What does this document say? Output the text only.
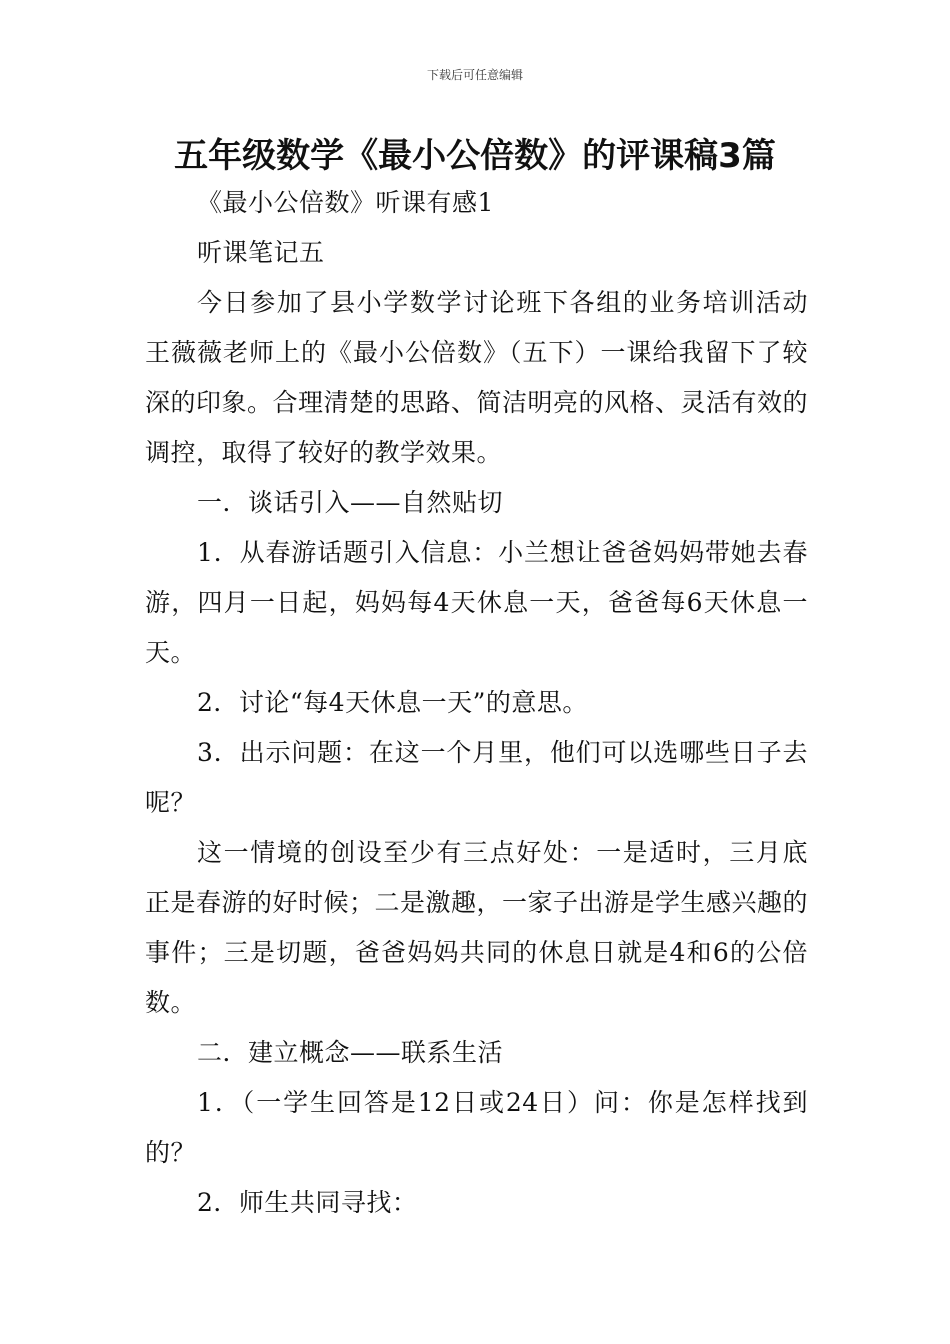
下载后可任意编辑
五年级数学《最小公倍数》的评课稿3篇

《最小公倍数》听课有感1

听课笔记五

今日参加了县小学数学讨论班下各组的业务培训活动王薇薇老师上的《最小公倍数》（五下）一课给我留下了较深的印象。合理清楚的思路、简洁明亮的风格、灵活有效的调控，取得了较好的教学效果。

一．谈话引入——自然贴切

1．从春游话题引入信息：小兰想让爸爸妈妈带她去春游，四月一日起，妈妈每4天休息一天，爸爸每6天休息一天。

2．讨论“每4天休息一天”的意思。

3．出示问题：在这一个月里，他们可以选哪些日子去呢？

这一情境的创设至少有三点好处：一是适时，三月底正是春游的好时候；二是激趣，一家子出游是学生感兴趣的事件；三是切题，爸爸妈妈共同的休息日就是4和6的公倍数。

二．建立概念——联系生活

1．（一学生回答是12日或24日）问：你是怎样找到的？

2．师生共同寻找：
